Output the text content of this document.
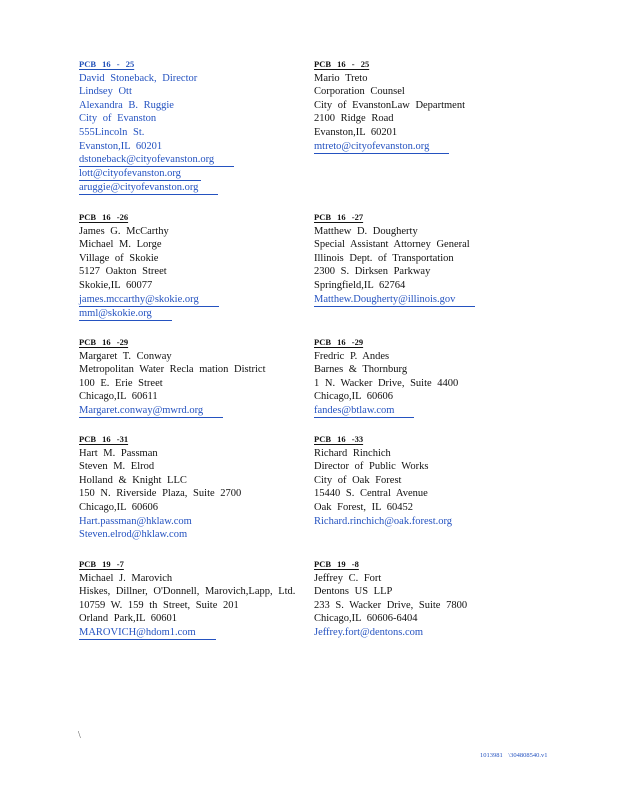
PCB 16 - 25
David Stoneback, Director
Lindsey Ott
Alexandra B. Ruggie
City of Evanston
555Lincoln St.
Evanston,IL 60201
dstoneback@cityofevanston.org
lott@cityofevanston.org
aruggie@cityofevanston.org
PCB 16 - 25
Mario Treto
Corporation Counsel
City of EvanstonLaw Department
2100 Ridge Road
Evanston,IL 60201
mtreto@cityofevanston.org
PCB 16 -26
James G. McCarthy
Michael M. Lorge
Village of Skokie
5127 Oakton Street
Skokie,IL 60077
james.mccarthy@skokie.org
mml@skokie.org
PCB 16 -27
Matthew D. Dougherty
Special Assistant Attorney General
Illinois Dept. of Transportation
2300 S. Dirksen Parkway
Springfield,IL 62764
Matthew.Dougherty@illinois.gov
PCB 16 -29
Margaret T. Conway
Metropolitan Water Recla mation District
100 E. Erie Street
Chicago,IL 60611
Margaret.conway@mwrd.org
PCB 16 -29
Fredric P. Andes
Barnes & Thornburg
1 N. Wacker Drive, Suite 4400
Chicago,IL 60606
fandes@btlaw.com
PCB 16 -31
Hart M. Passman
Steven M. Elrod
Holland & Knight LLC
150 N. Riverside Plaza, Suite 2700
Chicago,IL 60606
Hart.passman@hklaw.com
Steven.elrod@hklaw.com
PCB 16 -33
Richard Rinchich
Director of Public Works
City of Oak Forest
15440 S. Central Avenue
Oak Forest, IL 60452
Richard.rinchich@oak.forest.org
PCB 19 -7
Michael J. Marovich
Hiskes, Dillner, O'Donnell, Marovich,Lapp, Ltd.
10759 W. 159 th Street, Suite 201
Orland Park,IL 60601
MAROVICH@hdom1.com
PCB 19 -8
Jeffrey C. Fort
Dentons US LLP
233 S. Wacker Drive, Suite 7800
Chicago,IL 60606-6404
Jeffrey.fort@dentons.com
\
1013981 \304808540.v1
